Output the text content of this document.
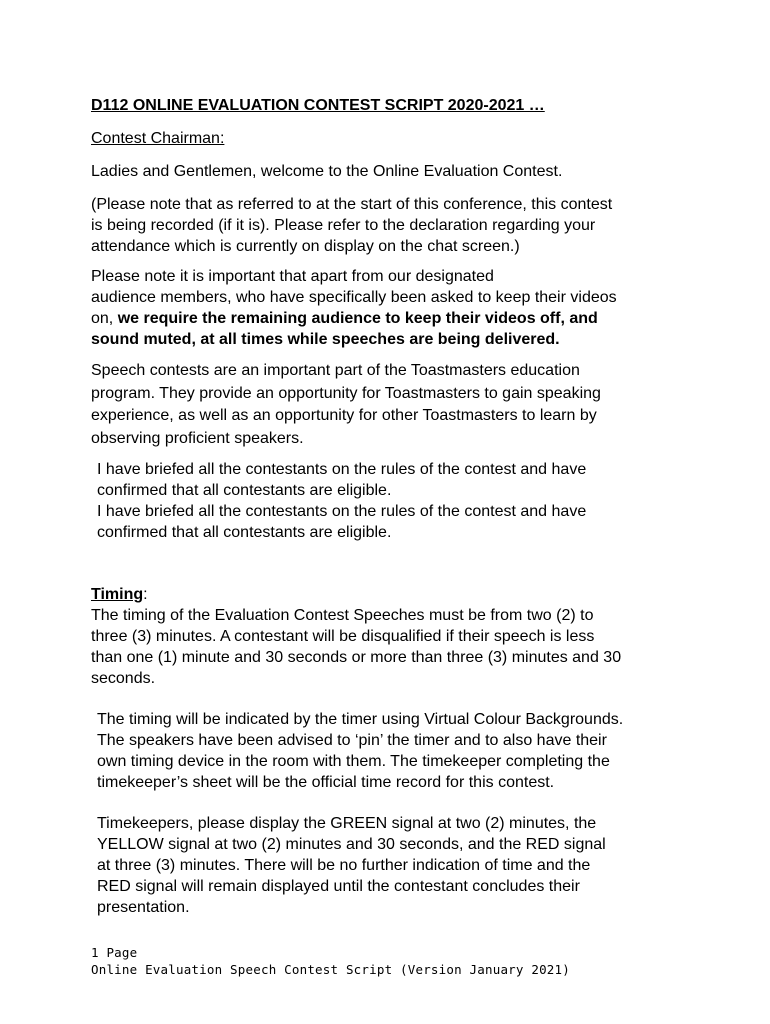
D112 ONLINE EVALUATION CONTEST SCRIPT 2020-2021 …

Contest Chairman:

Ladies and Gentlemen, welcome to the Online Evaluation Contest.

(Please note that as referred to at the start of this conference, this contest
is being recorded (if it is). Please refer to the declaration regarding your
attendance which is currently on display on the chat screen.)

Please note it is important that apart from our designated
audience members, who have specifically been asked to keep their videos
on, we require the remaining audience to keep their videos off, and
sound muted, at all times while speeches are being delivered.

Speech contests are an important part of the Toastmasters education
program. They provide an opportunity for Toastmasters to gain speaking
experience, as well as an opportunity for other Toastmasters to learn by
observing proficient speakers.

I have briefed all the contestants on the rules of the contest and have
confirmed that all contestants are eligible.
I have briefed all the contestants on the rules of the contest and have
confirmed that all contestants are eligible.

Timing:

The timing of the Evaluation Contest Speeches must be from two (2) to
three (3) minutes. A contestant will be disqualified if their speech is less
than one (1) minute and 30 seconds or more than three (3) minutes and 30
seconds.

The timing will be indicated by the timer using Virtual Colour Backgrounds.
The speakers have been advised to ‘pin’ the timer and to also have their
own timing device in the room with them. The timekeeper completing the
timekeeper’s sheet will be the official time record for this contest.

Timekeepers, please display the GREEN signal at two (2) minutes, the
YELLOW signal at two (2) minutes and 30 seconds, and the RED signal
at three (3) minutes. There will be no further indication of time and the
RED signal will remain displayed until the contestant concludes their
presentation.

1 Page
Online Evaluation Speech Contest Script (Version January 2021)
